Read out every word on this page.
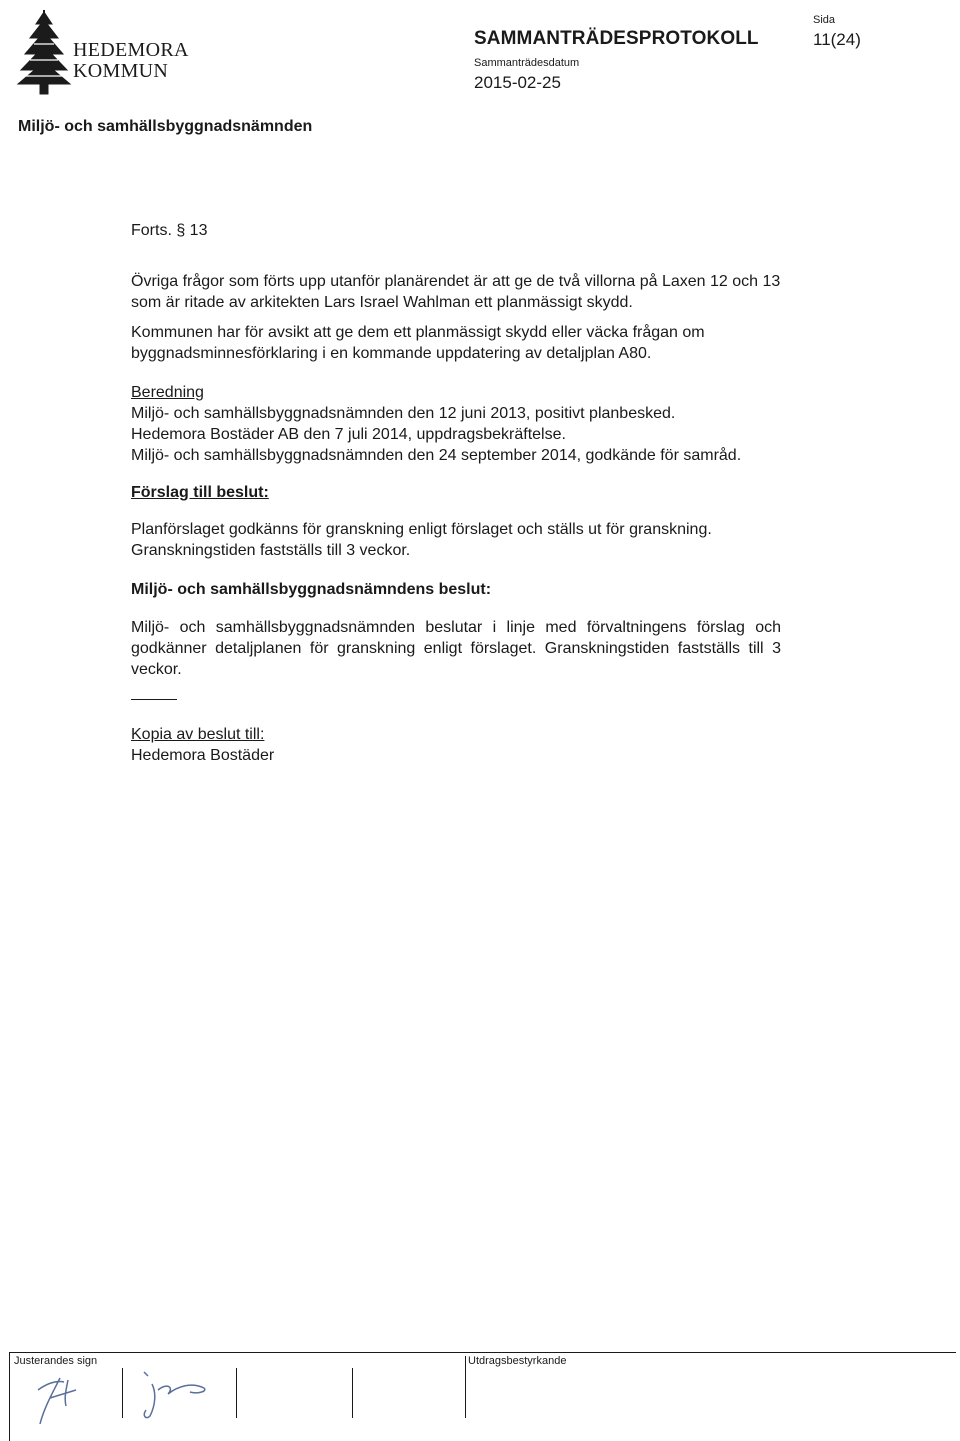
HEDEMORA
KOMMUN
SAMMANTRÄDESPROTOKOLL
Sammanträdesdatum
2015-02-25
Sida
11(24)
Miljö- och samhällsbyggnadsnämnden

Forts. § 13

Övriga frågor som förts upp utanför planärendet är att ge de två villorna på Laxen 12 och 13 som är ritade av arkitekten Lars Israel Wahlman ett planmässigt skydd.

Kommunen har för avsikt att ge dem ett planmässigt skydd eller väcka frågan om byggnadsminnesförklaring i en kommande uppdatering av detaljplan A80.

Beredning

Miljö- och samhällsbyggnadsnämnden den 12 juni 2013, positivt planbesked.

Hedemora Bostäder AB den 7 juli 2014, uppdragsbekräftelse.

Miljö- och samhällsbyggnadsnämnden den 24 september 2014, godkände för samråd.

Förslag till beslut:

Planförslaget godkänns för granskning enligt förslaget och ställs ut för granskning. Granskningstiden fastställs till 3 veckor.

Miljö- och samhällsbyggnadsnämndens beslut:

Miljö- och samhällsbyggnadsnämnden beslutar i linje med förvaltningens förslag och godkänner detaljplanen för granskning enligt förslaget. Granskningstiden fastställs till 3 veckor.

Kopia av beslut till:

Hedemora Bostäder

Justerandes sign	Utdragsbestyrkande
